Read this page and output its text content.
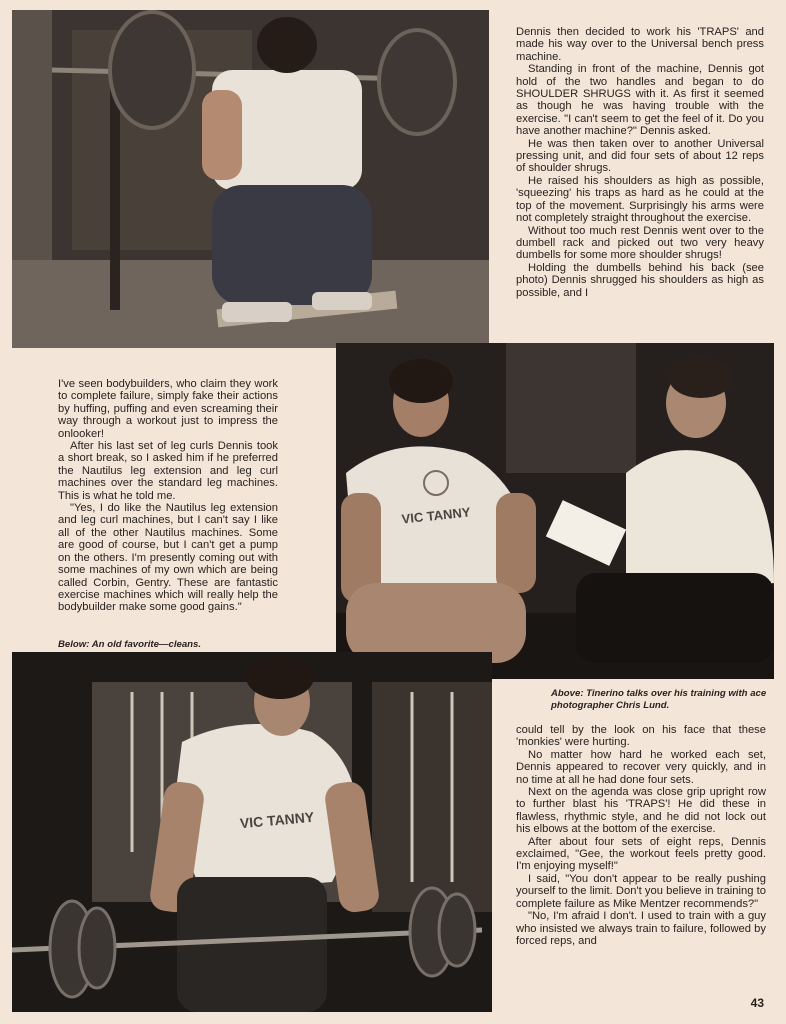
Dennis then decided to work his 'TRAPS' and made his way over to the Universal bench press machine.

Standing in front of the machine, Dennis got hold of the two handles and began to do SHOULDER SHRUGS with it. As first it seemed as though he was having trouble with the exercise. "I can't seem to get the feel of it. Do you have another machine?" Dennis asked.

He was then taken over to another Universal pressing unit, and did four sets of about 12 reps of shoulder shrugs.

He raised his shoulders as high as possible, 'squeezing' his traps as hard as he could at the top of the movement. Surprisingly his arms were not completely straight throughout the exercise.

Without too much rest Dennis went over to the dumbell rack and picked out two very heavy dumbells for some more shoulder shrugs!

Holding the dumbells behind his back (see photo) Dennis shrugged his shoulders as high as possible, and I

I've seen bodybuilders, who claim they work to complete failure, simply fake their actions by huffing, puffing and even screaming their way through a workout just to impress the onlooker!

After his last set of leg curls Dennis took a short break, so I asked him if he preferred the Nautilus leg extension and leg curl machines over the standard leg machines. This is what he told me.

"Yes, I do like the Nautilus leg extension and leg curl machines, but I can't say I like all of the other Nautilus machines. Some are good of course, but I can't get a pump on the others. I'm presently coming out with some machines of my own which are being called Corbin, Gentry. These are fantastic exercise machines which will really help the bodybuilder make some good gains."

Below: An old favorite—cleans.
VIC TANNY
Above: Tinerino talks over his training with ace photographer Chris Lund.
VIC TANNY

could tell by the look on his face that these 'monkies' were hurting.

No matter how hard he worked each set, Dennis appeared to recover very quickly, and in no time at all he had done four sets.

Next on the agenda was close grip upright row to further blast his 'TRAPS'! He did these in flawless, rhythmic style, and he did not lock out his elbows at the bottom of the exercise.

After about four sets of eight reps, Dennis exclaimed, "Gee, the workout feels pretty good. I'm enjoying myself!"

I said, "You don't appear to be really pushing yourself to the limit. Don't you believe in training to complete failure as Mike Mentzer recommends?"

"No, I'm afraid I don't. I used to train with a guy who insisted we always train to failure, followed by forced reps, and

43
